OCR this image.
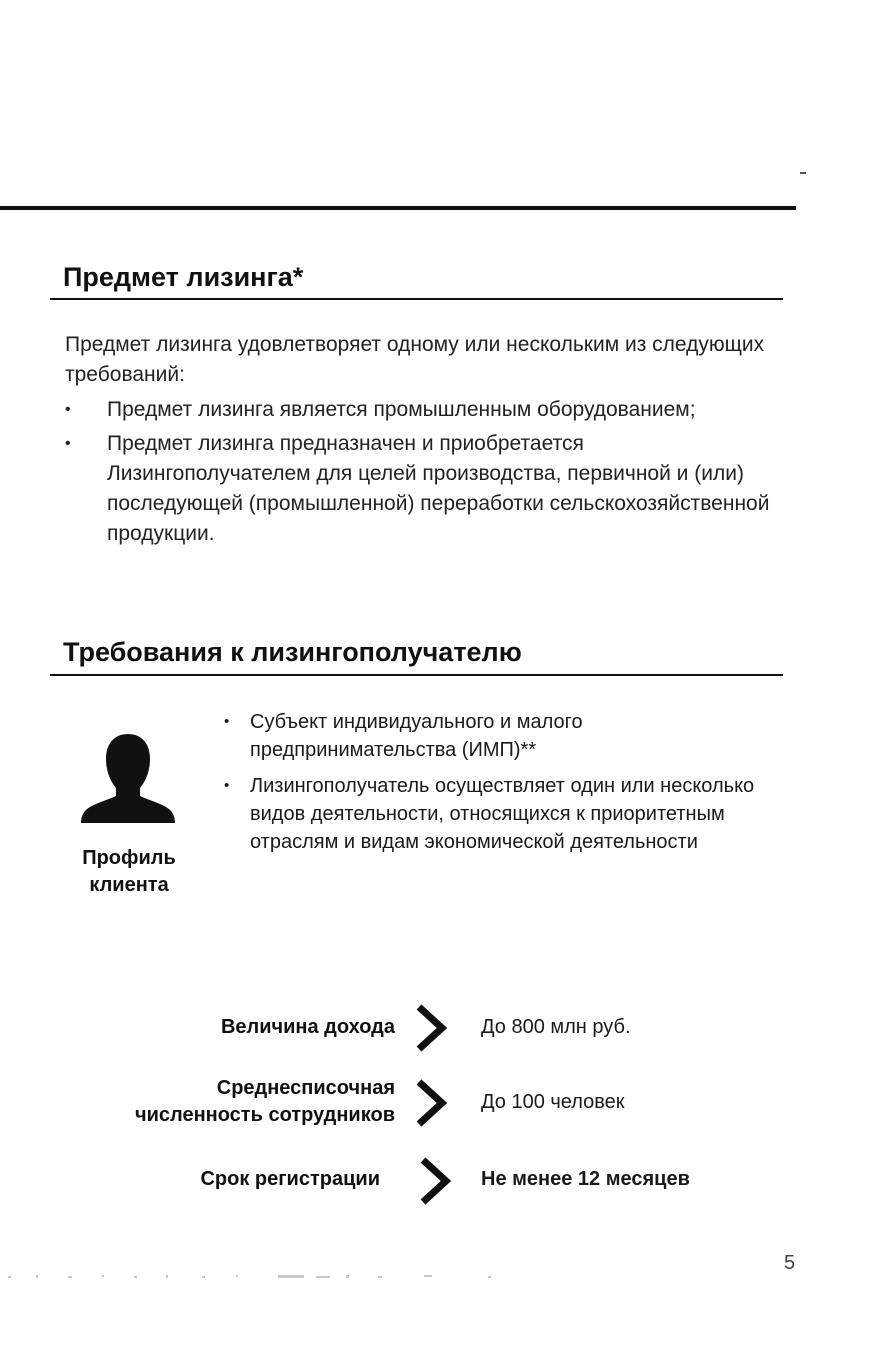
Предмет лизинга*

Предмет лизинга удовлетворяет одному или нескольким из следующих требований:

• Предмет лизинга является промышленным оборудованием;
• Предмет лизинга предназначен и приобретается Лизингополучателем для целей производства, первичной и (или) последующей (промышленной) переработки сельскохозяйственной продукции.
Требования к лизингополучателю
Профиль клиента
• Субъект индивидуального и малого предпринимательства (ИМП)**
• Лизингополучатель осуществляет один или несколько видов деятельности, относящихся к приоритетным отраслям и видам экономической деятельности
Величина дохода	До 800 млн руб.
Среднесписочная численность сотрудников
До 100 человек
Срок регистрации	Не менее 12 месяцев
5
